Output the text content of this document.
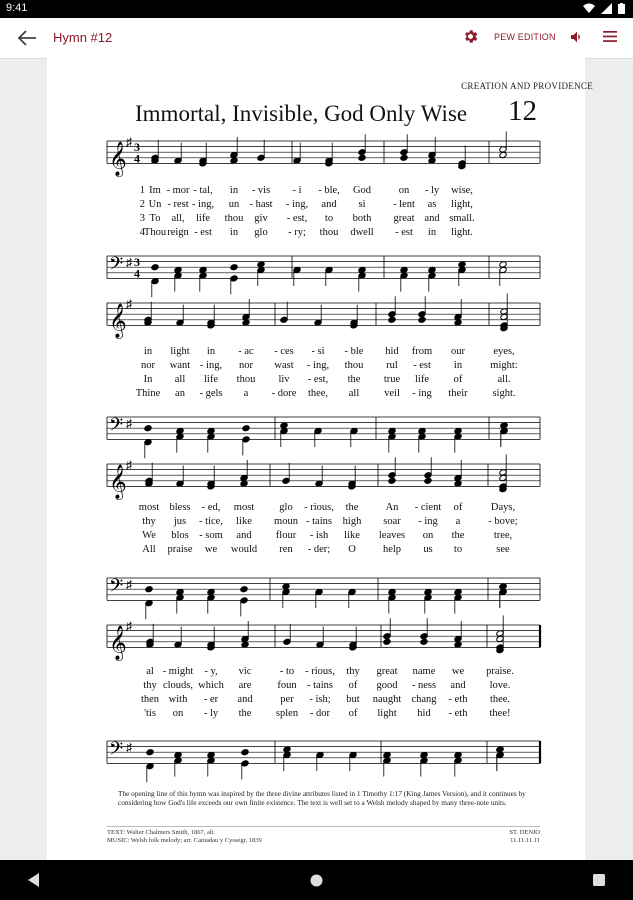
9:41
Hymn #12	PEW EDITION
CREATION AND PROVIDENCE
Immortal, Invisible, God Only Wise 12
𝄞
♯ 3
4
𝄢 ♯ 3
4
1 Im - mor - tal, in - vis - i - ble, God	on - ly wise,
2 Un - rest - ing, un - hast - ing, and si	- lent as light,
3 To all, life thou giv - est, to both great and small.
4
Thou reign - est in glo - ry; thou dwell - est in light.
𝄞
♯
𝄢 ♯
in light in - ac - ces - si - ble hid from our	eyes,
nor want - ing, nor wast - ing, thou rul - est in	might:
In all life thou liv - est, the true life of	all.
Thine an - gels a - dore thee, all veil - ing their sight.
𝄞
♯
𝄢 ♯
most bless - ed, most glo - rious, the	An - cient of	Days,
thy jus - tice, like moun - tains high soar - ing a	- bove;
We blos - som and flour - ish like leaves on the	tree,
All praise we would ren - der; O	help us to	see
𝄞
♯
𝄢 ♯
al - might - y, vic	- to - rious, thy great name we praise.
thy clouds, which are foun - tains of good - ness and love.
then with - er and	per - ish; but naught chang - eth thee.
'tis on - ly the splen - dor of light hid - eth thee!
The opening line of this hymn was inspired by the three divine attributes listed in 1 Timothy 1:17 (King James Version), and it continues by considering how God's life exceeds our own finite existence. The text is well set to a Welsh melody shaped by many three-note units.
TEXT: Walter Chalmers Smith, 1867, alt.
MUSIC: Welsh folk melody; arr. Caniadau y Cyssegr, 1839
ST. DENIO
11.11.11.11
